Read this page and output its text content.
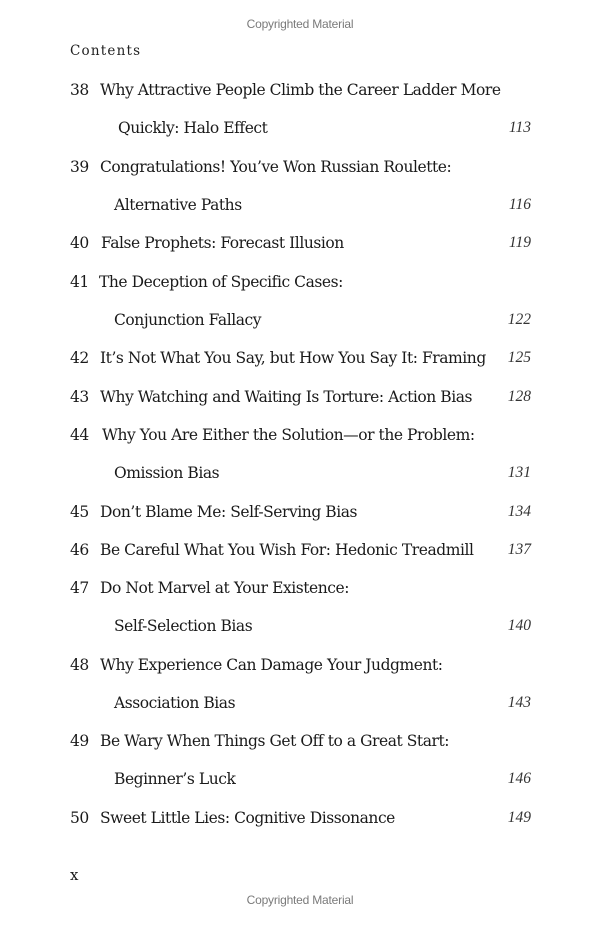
Copyrighted Material
Contents
38 Why Attractive People Climb the Career Ladder More
Quickly: Halo Effect	113
39 Congratulations! You’ve Won Russian Roulette:
Alternative Paths	116
40 False Prophets: Forecast Illusion	119
41 The Deception of Specific Cases:
Conjunction Fallacy	122
42 It’s Not What You Say, but How You Say It: Framing 125
43 Why Watching and Waiting Is Torture: Action Bias 128
44 Why You Are Either the Solution—or the Problem:
Omission Bias	131
45 Don’t Blame Me: Self-Serving Bias	134
46 Be Careful What You Wish For: Hedonic Treadmill 137
47 Do Not Marvel at Your Existence:
Self-Selection Bias	140
48 Why Experience Can Damage Your Judgment:
Association Bias	143
49 Be Wary When Things Get Off to a Great Start:
Beginner’s Luck	146
50 Sweet Little Lies: Cognitive Dissonance	149
x
Copyrighted Material
